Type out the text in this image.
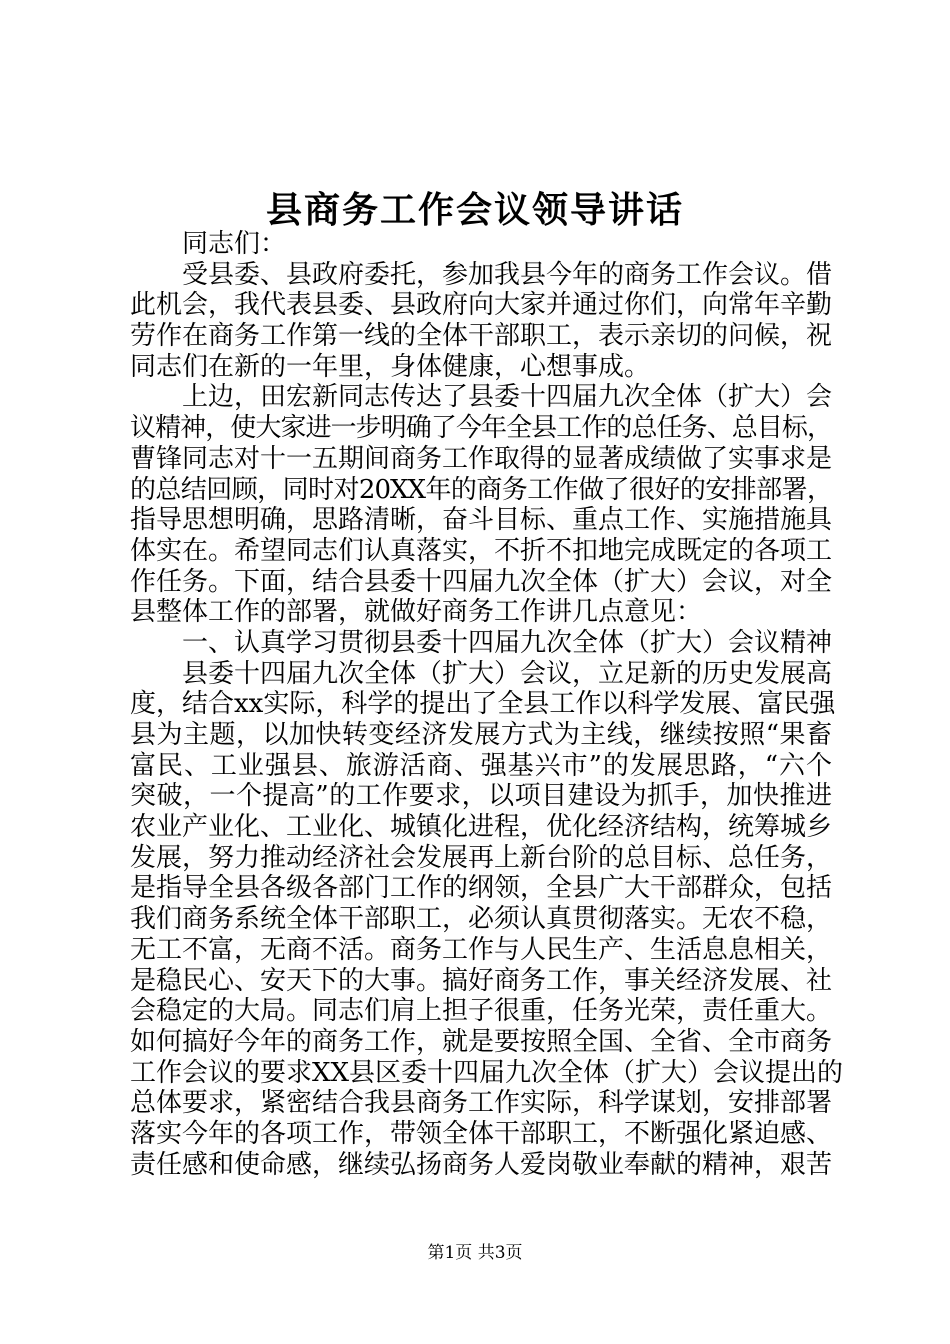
县商务工作会议领导讲话
同志们：
受县委、县政府委托，参加我县今年的商务工作会议。借
此机会，我代表县委、县政府向大家并通过你们，向常年辛勤
劳作在商务工作第一线的全体干部职工，表示亲切的问候，祝
同志们在新的一年里，身体健康，心想事成。
上边，田宏新同志传达了县委十四届九次全体（扩大）会
议精神，使大家进一步明确了今年全县工作的总任务、总目标，
曹锋同志对十一五期间商务工作取得的显著成绩做了实事求是
的总结回顾，同时对20XX年的商务工作做了很好的安排部署，
指导思想明确，思路清晰，奋斗目标、重点工作、实施措施具
体实在。希望同志们认真落实，不折不扣地完成既定的各项工
作任务。下面，结合县委十四届九次全体（扩大）会议，对全
县整体工作的部署，就做好商务工作讲几点意见：
一、认真学习贯彻县委十四届九次全体（扩大）会议精神
县委十四届九次全体（扩大）会议，立足新的历史发展高
度，结合xx实际，科学的提出了全县工作以科学发展、富民强
县为主题，以加快转变经济发展方式为主线，继续按照“果畜
富民、工业强县、旅游活商、强基兴市”的发展思路，“六个
突破，一个提高”的工作要求，以项目建设为抓手，加快推进
农业产业化、工业化、城镇化进程，优化经济结构，统筹城乡
发展，努力推动经济社会发展再上新台阶的总目标、总任务，
是指导全县各级各部门工作的纲领，全县广大干部群众，包括
我们商务系统全体干部职工，必须认真贯彻落实。无农不稳，
无工不富，无商不活。商务工作与人民生产、生活息息相关，
是稳民心、安天下的大事。搞好商务工作，事关经济发展、社
会稳定的大局。同志们肩上担子很重，任务光荣，责任重大。
如何搞好今年的商务工作，就是要按照全国、全省、全市商务
工作会议的要求XX县区委十四届九次全体（扩大）会议提出的
总体要求，紧密结合我县商务工作实际，科学谋划，安排部署
落实今年的各项工作，带领全体干部职工，不断强化紧迫感、
责任感和使命感，继续弘扬商务人爱岗敬业奉献的精神，艰苦
第1页 共3页
